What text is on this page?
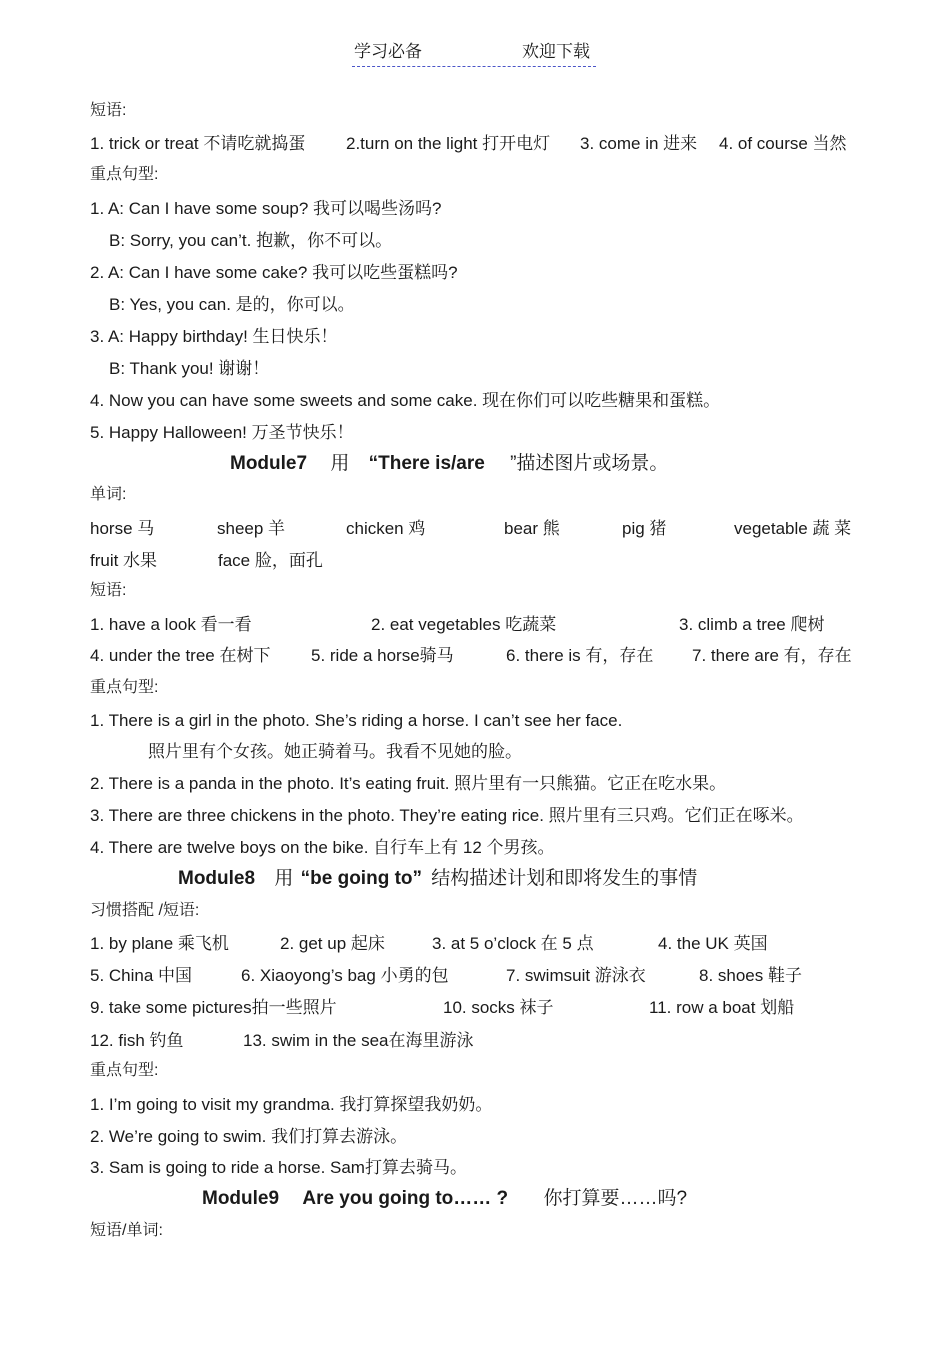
学习必备	欢迎下载
短语:
1. trick or treat 不请吃就捣蛋 2.turn on the light 打开电灯 3. come in 进来 4. of course 当然
重点句型:
1. A: Can I have some soup? 我可以喝些汤吗?
B: Sorry, you can’t. 抱歉，你不可以。
2. A: Can I have some cake? 我可以吃些蛋糕吗?
B: Yes, you can. 是的，你可以。
3. A: Happy birthday! 生日快乐！
B: Thank you! 谢谢！
4. Now you can have some sweets and some cake. 现在你们可以吃些糖果和蛋糕。
5. Happy Halloween! 万圣节快乐！
Module7 用 “There is/are ”描述图片或场景。
单词:
horse 马	sheep 羊	chicken 鸡	bear 熊	pig 猪	vegetable 蔬 菜
fruit 水果	face 脸，面孔
短语:
1. have a look 看一看	2. eat vegetables 吃蔬菜	3. climb a tree 爬树
4. under the tree 在树下 5. ride a horse骑马	6. there is 有，存在 7. there are 有，存在
重点句型:
1. There is a girl in the photo. She’s riding a horse. I can’t see her face.
照片里有个女孩。她正骑着马。我看不见她的脸。
2. There is a panda in the photo. It’s eating fruit. 照片里有一只熊猫。它正在吃水果。
3. There are three chickens in the photo. They’re eating rice. 照片里有三只鸡。它们正在啄米。
4. There are twelve boys on the bike. 自行车上有 12 个男孩。
Module8 用 “be going to” 结构描述计划和即将发生的事情
习惯搭配 /短语:
1. by plane 乘飞机	2. get up 起床	3. at 5 o’clock 在 5 点	4. the UK 英国
5. China 中国	6. Xiaoyong’s bag 小勇的包	7. swimsuit 游泳衣	8. shoes 鞋子
9. take some pictures拍一些照片	10. socks 袜子	11. row a boat 划船
12. fish 钓鱼	13. swim in the sea在海里游泳
重点句型:
1. I’m going to visit my grandma. 我打算探望我奶奶。
2. We’re going to swim. 我们打算去游泳。
3. Sam is going to ride a horse. Sam打算去骑马。
Module9 Are you going to…… ? 你打算要……吗?
短语/单词:
